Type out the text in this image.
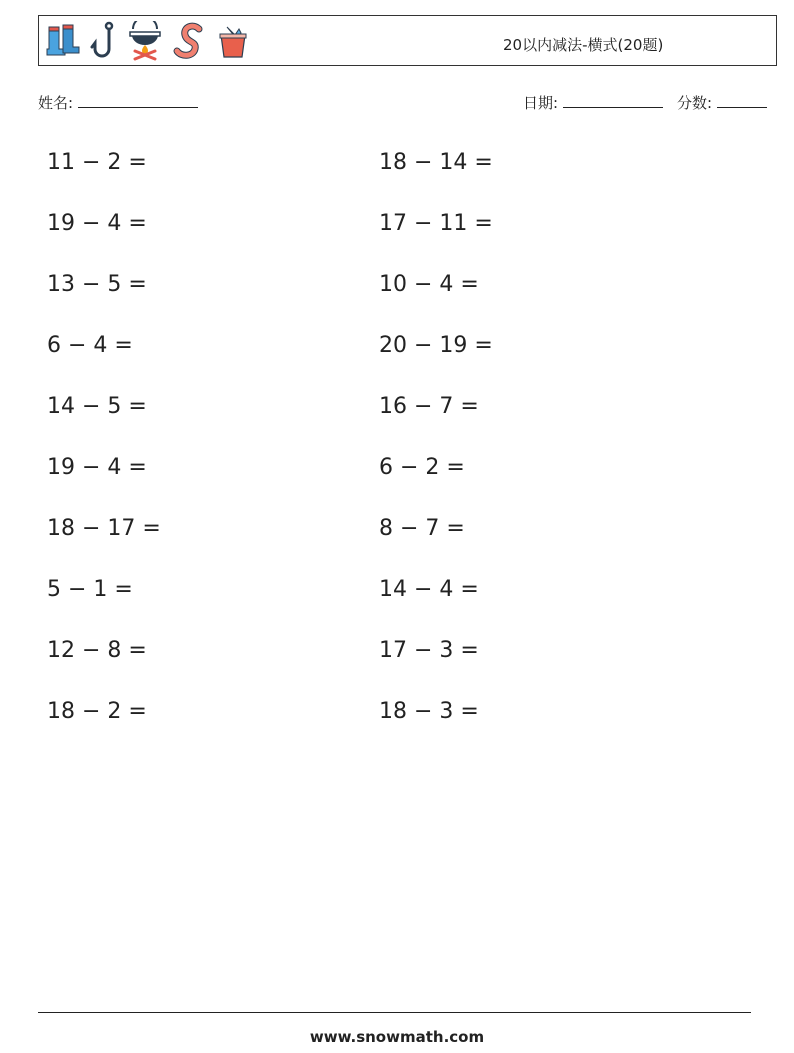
20以内减法-横式(20题)
姓名:	日期:	分数:
11 − 2 =
19 − 4 =
13 − 5 =
6 − 4 =
14 − 5 =
19 − 4 =
18 − 17 =
5 − 1 =
12 − 8 =
18 − 2 =
18 − 14 =
17 − 11 =
10 − 4 =
20 − 19 =
16 − 7 =
6 − 2 =
8 − 7 =
14 − 4 =
17 − 3 =
18 − 3 =
www.snowmath.com
